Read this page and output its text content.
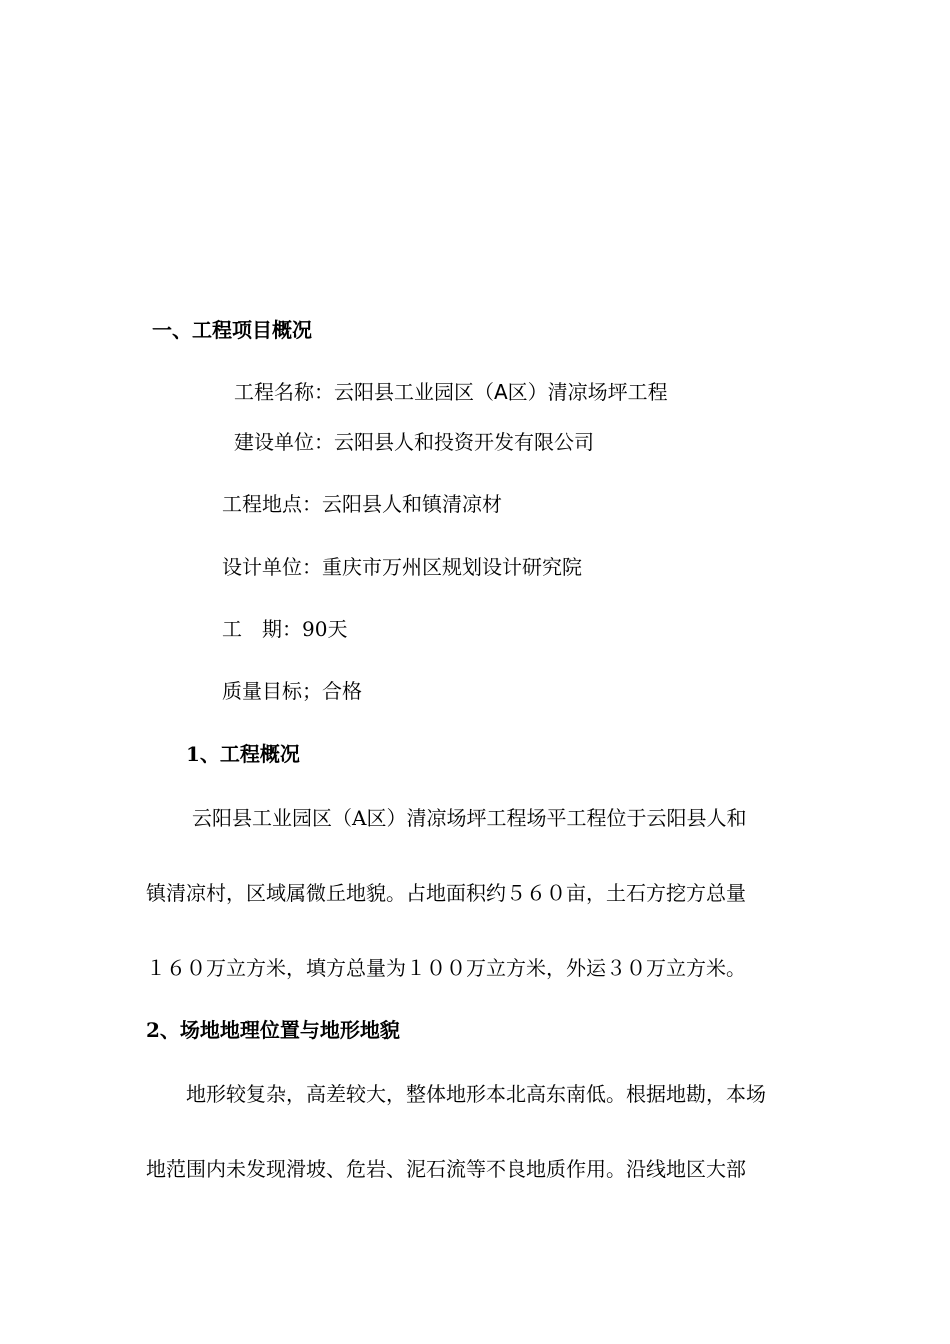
一、工程项目概况
工程名称：云阳县工业园区（A区）清凉场坪工程
建设单位：云阳县人和投资开发有限公司
工程地点：云阳县人和镇清凉材
设计单位：重庆市万州区规划设计研究院
工　期：90天
质量目标；合格
1、工程概况
云阳县工业园区（A区）清凉场坪工程场平工程位于云阳县人和
镇清凉村，区域属微丘地貌。占地面积约５６０亩，土石方挖方总量
１６０万立方米，填方总量为１００万立方米，外运３０万立方米。
2、场地地理位置与地形地貌
地形较复杂，高差较大，整体地形本北高东南低。根据地勘，本场
地范围内未发现滑坡、危岩、泥石流等不良地质作用。沿线地区大部
